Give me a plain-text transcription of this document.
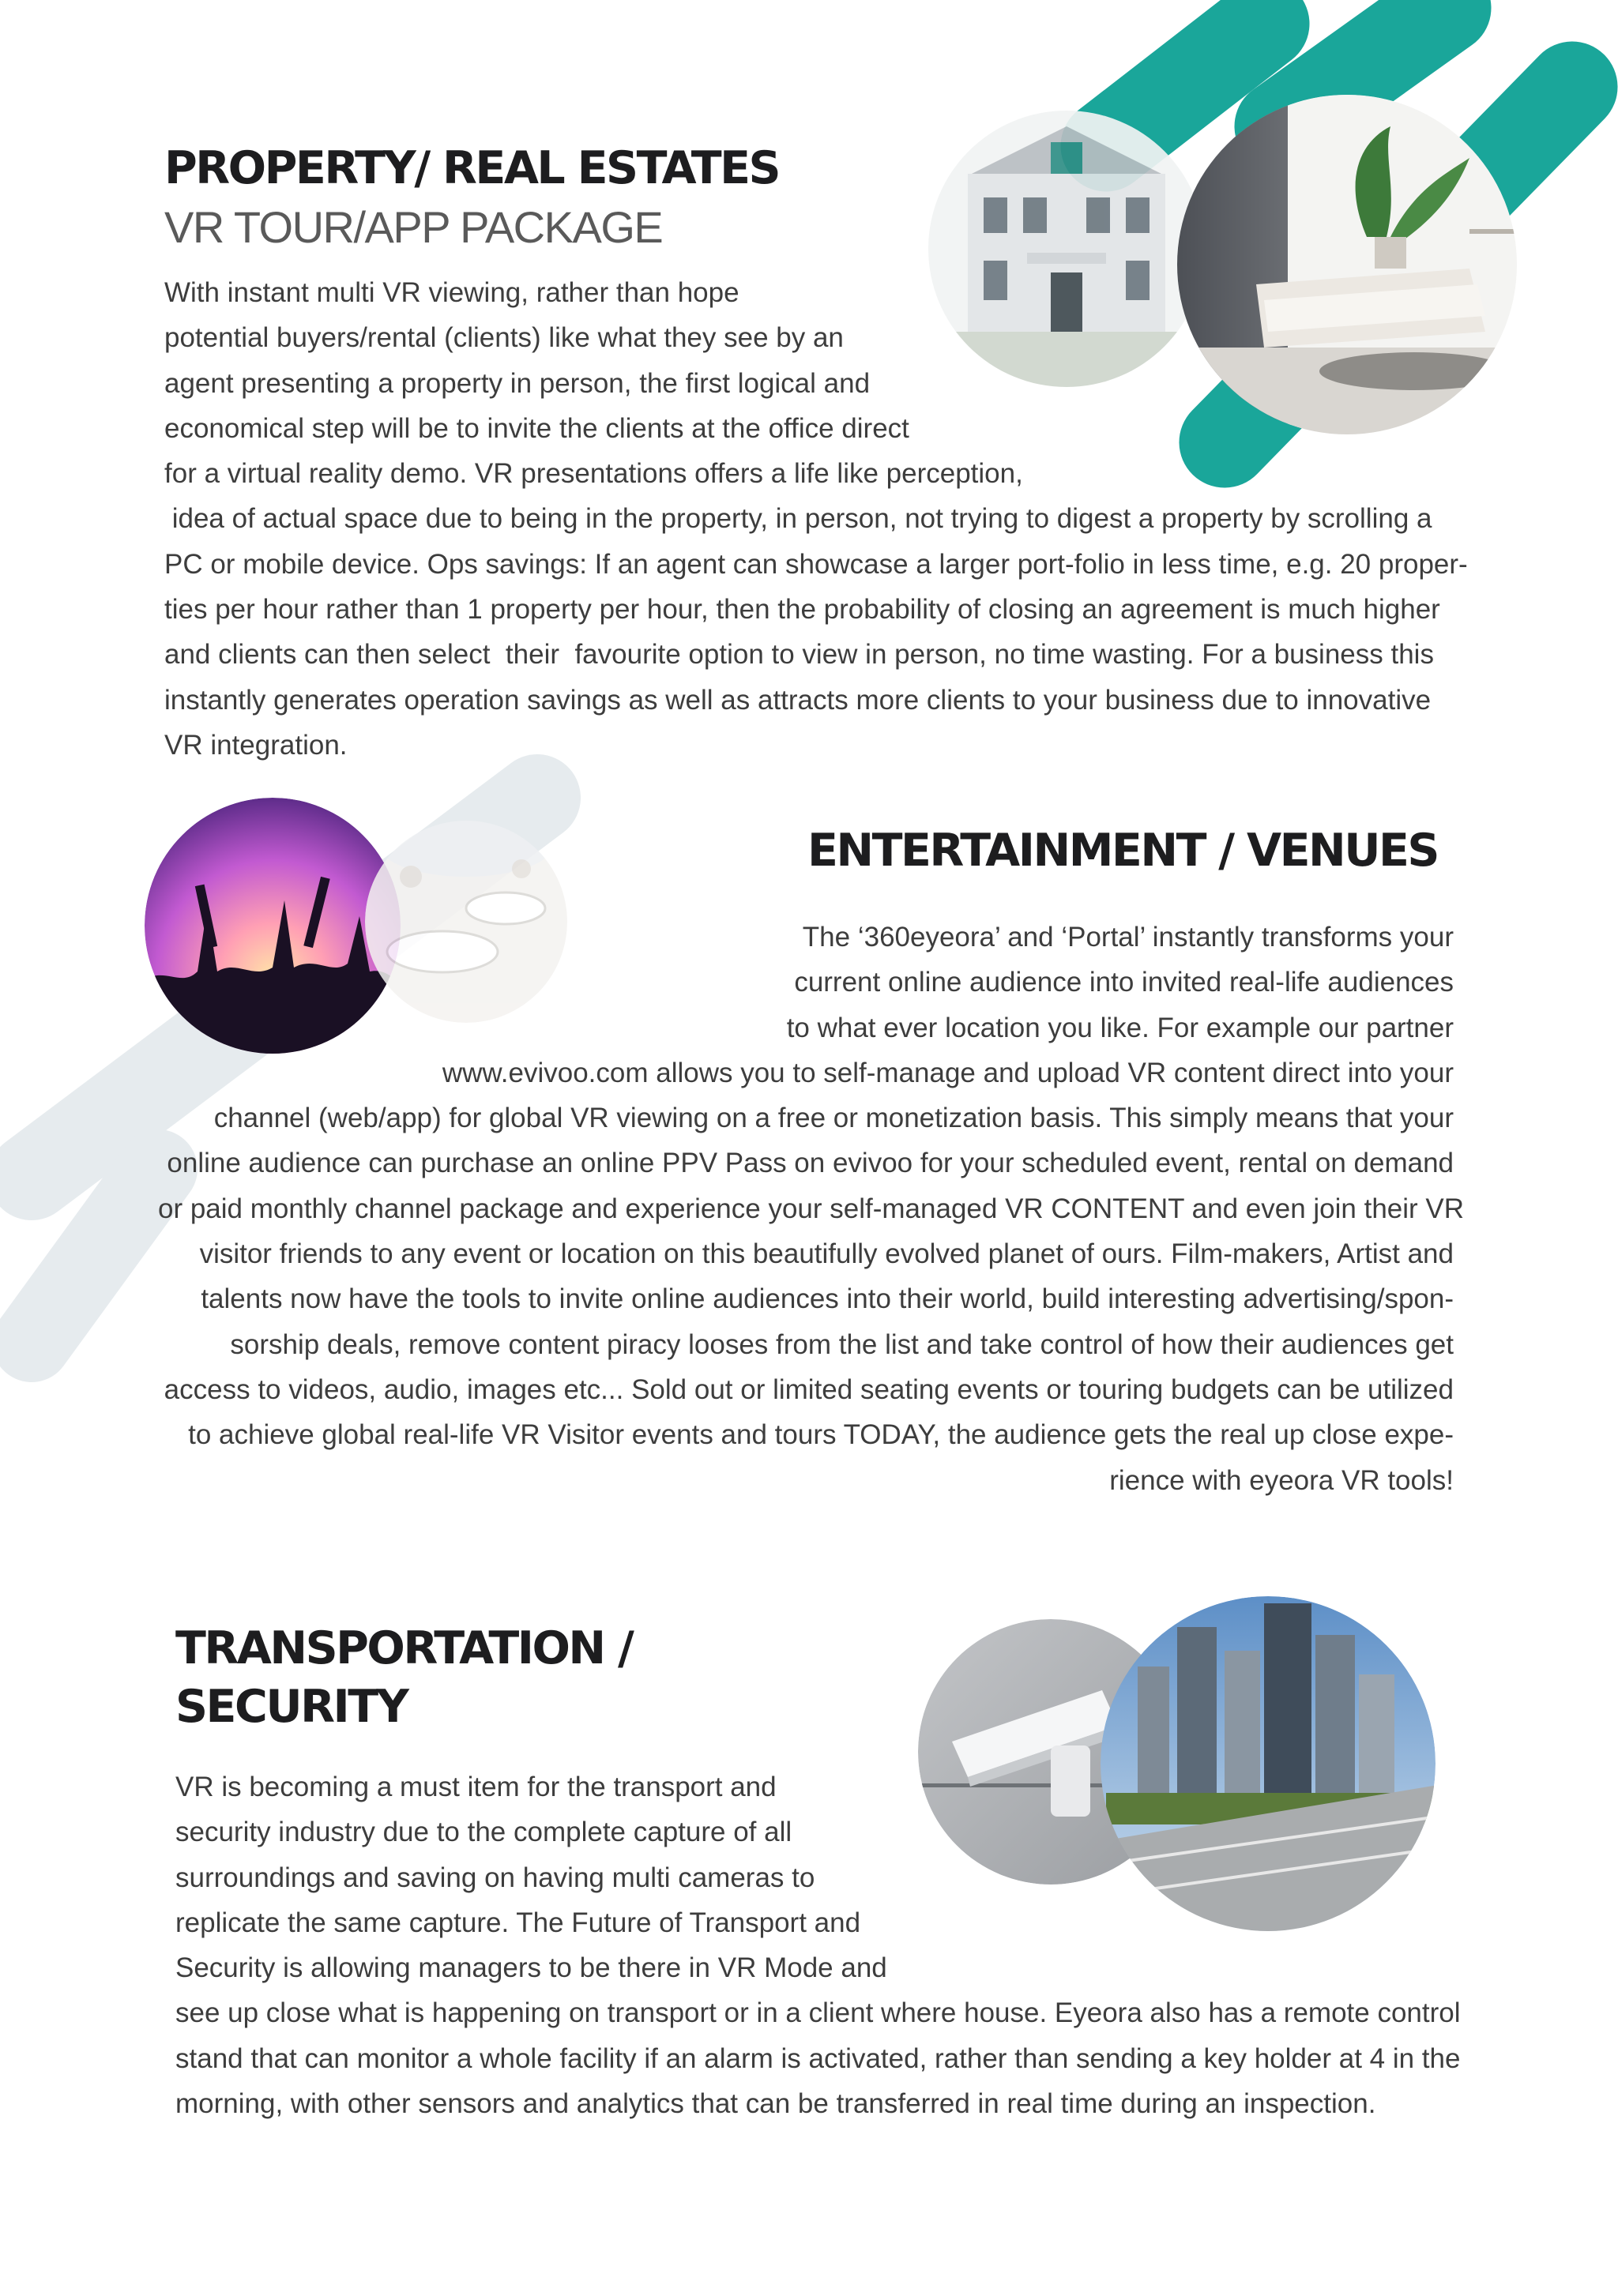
PROPERTY/ REAL ESTATES
VR TOUR/APP PACKAGE

With instant multi VR viewing, rather than hope
potential buyers/rental (clients) like what they see by an
agent presenting a property in person, the first logical and
economical step will be to invite the clients at the office direct
for a virtual reality demo. VR presentations offers a life like perception,
idea of actual space due to being in the property, in person, not trying to digest a property by scrolling a
PC or mobile device. Ops savings: If an agent can showcase a larger port-folio in less time, e.g. 20 proper-
ties per hour rather than 1 property per hour, then the probability of closing an agreement is much higher
and clients can then select  their  favourite option to view in person, no time wasting. For a business this
instantly generates operation savings as well as attracts more clients to your business due to innovative
VR integration.

ENTERTAINMENT / VENUES

The ‘360eyeora’ and ‘Portal’ instantly transforms your
current online audience into invited real-life audiences
to what ever location you like. For example our partner
www.evivoo.com allows you to self-manage and upload VR content direct into your
channel (web/app) for global VR viewing on a free or monetization basis. This simply means that your
online audience can purchase an online PPV Pass on evivoo for your scheduled event, rental on demand
or paid monthly channel package and experience your self-managed VR CONTENT and even join their VR
visitor friends to any event or location on this beautifully evolved planet of ours. Film-makers, Artist and
talents now have the tools to invite online audiences into their world, build interesting advertising/spon-
sorship deals, remove content piracy looses from the list and take control of how their audiences get
access to videos, audio, images etc... Sold out or limited seating events or touring budgets can be utilized
to achieve global real-life VR Visitor events and tours TODAY, the audience gets the real up close expe-
rience with eyeora VR tools!

TRANSPORTATION /
SECURITY

VR is becoming a must item for the transport and
security industry due to the complete capture of all
surroundings and saving on having multi cameras to
replicate the same capture. The Future of Transport and
Security is allowing managers to be there in VR Mode and
see up close what is happening on transport or in a client where house. Eyeora also has a remote control
stand that can monitor a whole facility if an alarm is activated, rather than sending a key holder at 4 in the
morning, with other sensors and analytics that can be transferred in real time during an inspection.
